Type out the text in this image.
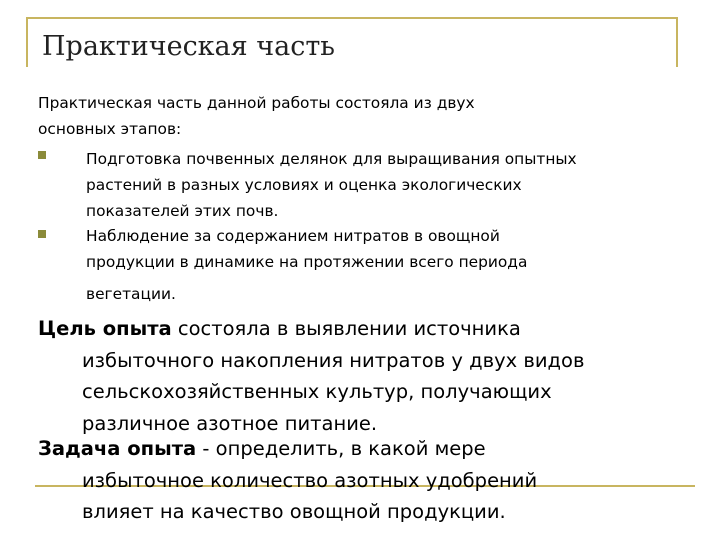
Практическая часть

Практическая часть данной работы состояла из двух
основных этапов:

Подготовка почвенных делянок для выращивания опытных
растений в разных условиях и оценка экологических
показателей этих почв.

Наблюдение за содержанием нитратов в овощной
продукции в динамике на протяжении всего периода
вегетации.

Цель опыта состояла в выявлении источника
избыточного накопления нитратов у двух видов
сельскохозяйственных культур, получающих
различное азотное питание.

Задача опыта - определить, в какой мере
избыточное количество азотных удобрений
влияет на качество овощной продукции.
